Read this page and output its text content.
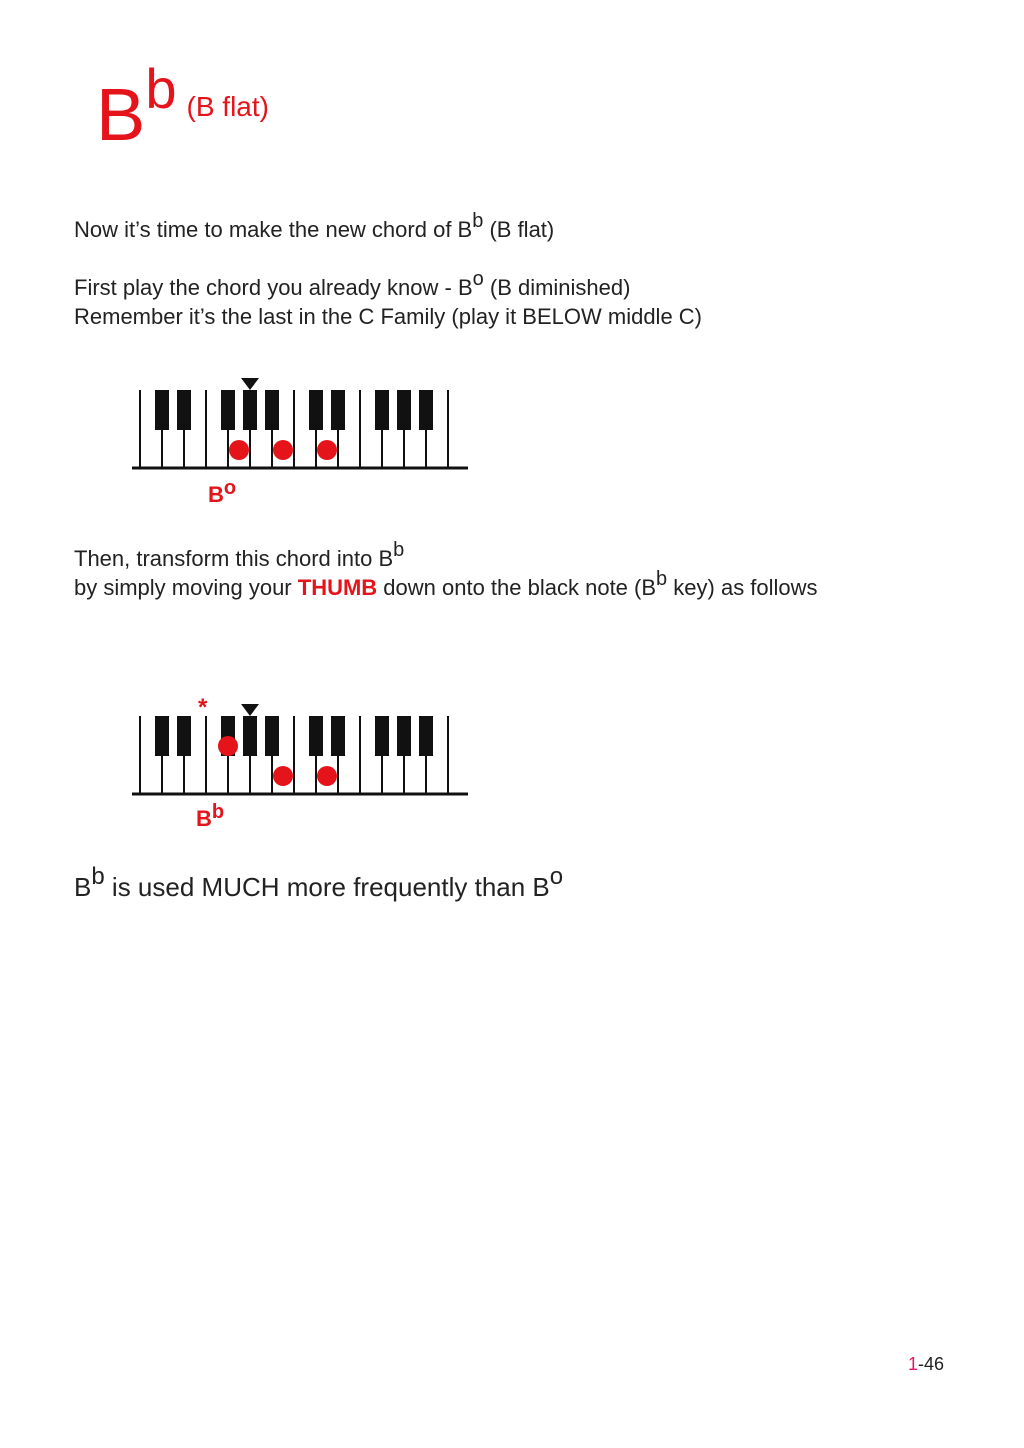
Bb (B flat)
Now it’s time to make the new chord of $B^b$ (B flat)
First play the chord you already know - $B^o$ (B diminished)
Remember it’s the last in the C Family (play it BELOW middle C)
$B^o$
Then, transform this chord into $B^b$
by simply moving your THUMB down onto the black note ($B^b$ key) as follows
*
$B^b$
$B^b$ is used MUCH more frequently than $B^o$
1-46
